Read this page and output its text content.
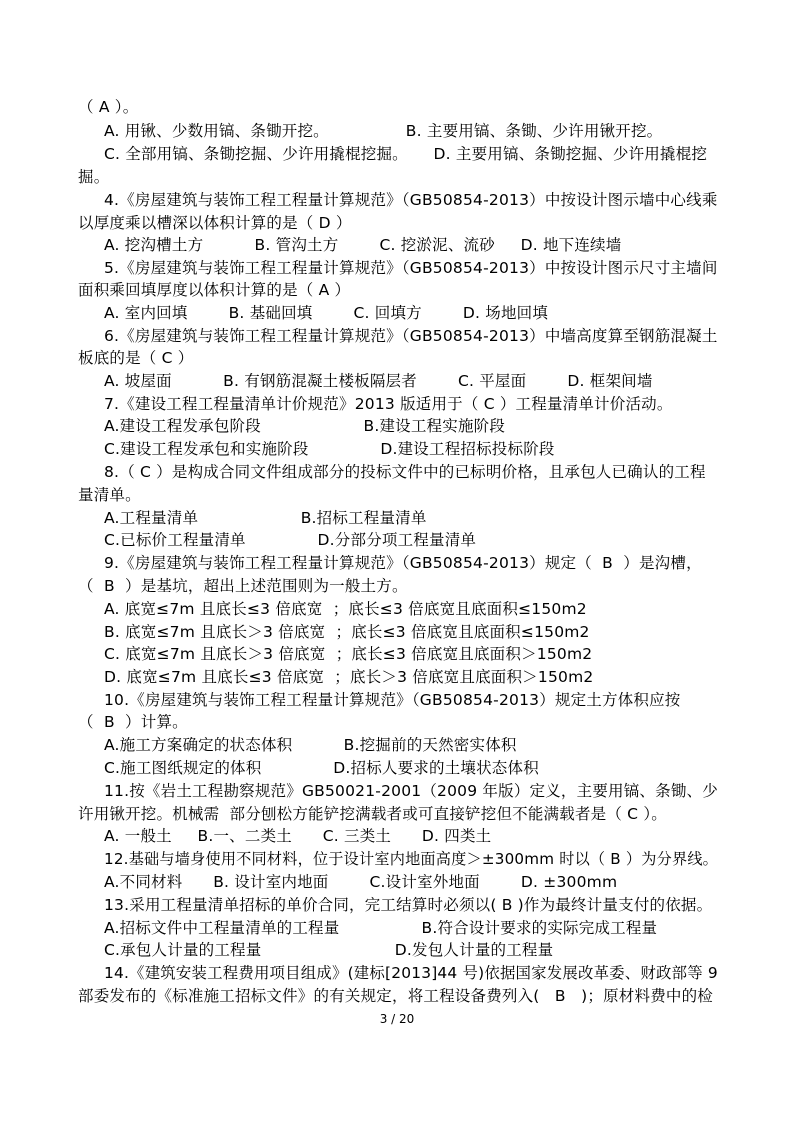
（ A ）。
A. 用锹、少数用镐、条锄开挖。               B. 主要用镐、条锄、少许用锹开挖。
C. 全部用镐、条锄挖掘、少许用撬棍挖掘。     D. 主要用镐、条锄挖掘、少许用撬棍挖
掘。
4.《房屋建筑与装饰工程工程量计算规范》（GB50854-2013）中按设计图示墙中心线乘
以厚度乘以槽深以体积计算的是（ D ）
A. 挖沟槽土方          B. 管沟土方        C. 挖淤泥、流砂     D. 地下连续墙
5.《房屋建筑与装饰工程工程量计算规范》（GB50854-2013）中按设计图示尺寸主墙间
面积乘回填厚度以体积计算的是（ A ）
A. 室内回填        B. 基础回填        C. 回填方        D. 场地回填
6.《房屋建筑与装饰工程工程量计算规范》（GB50854-2013）中墙高度算至钢筋混凝土
板底的是（ C ）
A. 坡屋面          B. 有钢筋混凝土楼板隔层者        C. 平屋面        D. 框架间墙
7.《建设工程工程量清单计价规范》2013 版适用于（ C ）工程量清单计价活动。
A.建设工程发承包阶段                    B.建设工程实施阶段
C.建设工程发承包和实施阶段              D.建设工程招标投标阶段
8.（ C ）是构成合同文件组成部分的投标文件中的已标明价格，且承包人已确认的工程
量清单。
A.工程量清单                    B.招标工程量清单
C.已标价工程量清单              D.分部分项工程量清单
9.《房屋建筑与装饰工程工程量计算规范》（GB50854-2013）规定（  B  ）是沟槽，
（  B  ）是基坑，超出上述范围则为一般土方。
A. 底宽≤7m 且底长≤3 倍底宽  ；底长≤3 倍底宽且底面积≤150m2
B. 底宽≤7m 且底长＞3 倍底宽  ；底长≤3 倍底宽且底面积≤150m2
C. 底宽≤7m 且底长＞3 倍底宽  ；底长≤3 倍底宽且底面积＞150m2
D. 底宽≤7m 且底长≤3 倍底宽  ；底长＞3 倍底宽且底面积＞150m2
10.《房屋建筑与装饰工程工程量计算规范》（GB50854-2013）规定土方体积应按
（  B  ）计算。
A.施工方案确定的状态体积          B.挖掘前的天然密实体积
C.施工图纸规定的体积              D.招标人要求的土壤状态体积
11.按《岩土工程勘察规范》GB50021-2001（2009 年版）定义，主要用镐、条锄、少
许用锹开挖。机械需  部分刨松方能铲挖满载者或可直接铲挖但不能满载者是（ C ）。
A. 一般土     B.一、二类土      C. 三类土      D. 四类土
12.基础与墙身使用不同材料，位于设计室内地面高度＞±300mm 时以（ B ）为分界线。
A.不同材料      B. 设计室内地面        C.设计室外地面        D. ±300mm
13.采用工程量清单招标的单价合同，完工结算时必须以( B )作为最终计量支付的依据。
A.招标文件中工程量清单的工程量                B.符合设计要求的实际完成工程量
C.承包人计量的工程量                          D.发包人计量的工程量
14.《建筑安装工程费用项目组成》(建标[2013]44 号)依据国家发展改革委、财政部等 9
部委发布的《标准施工招标文件》的有关规定，将工程设备费列入(   B   )；原材料费中的检
3 / 20
